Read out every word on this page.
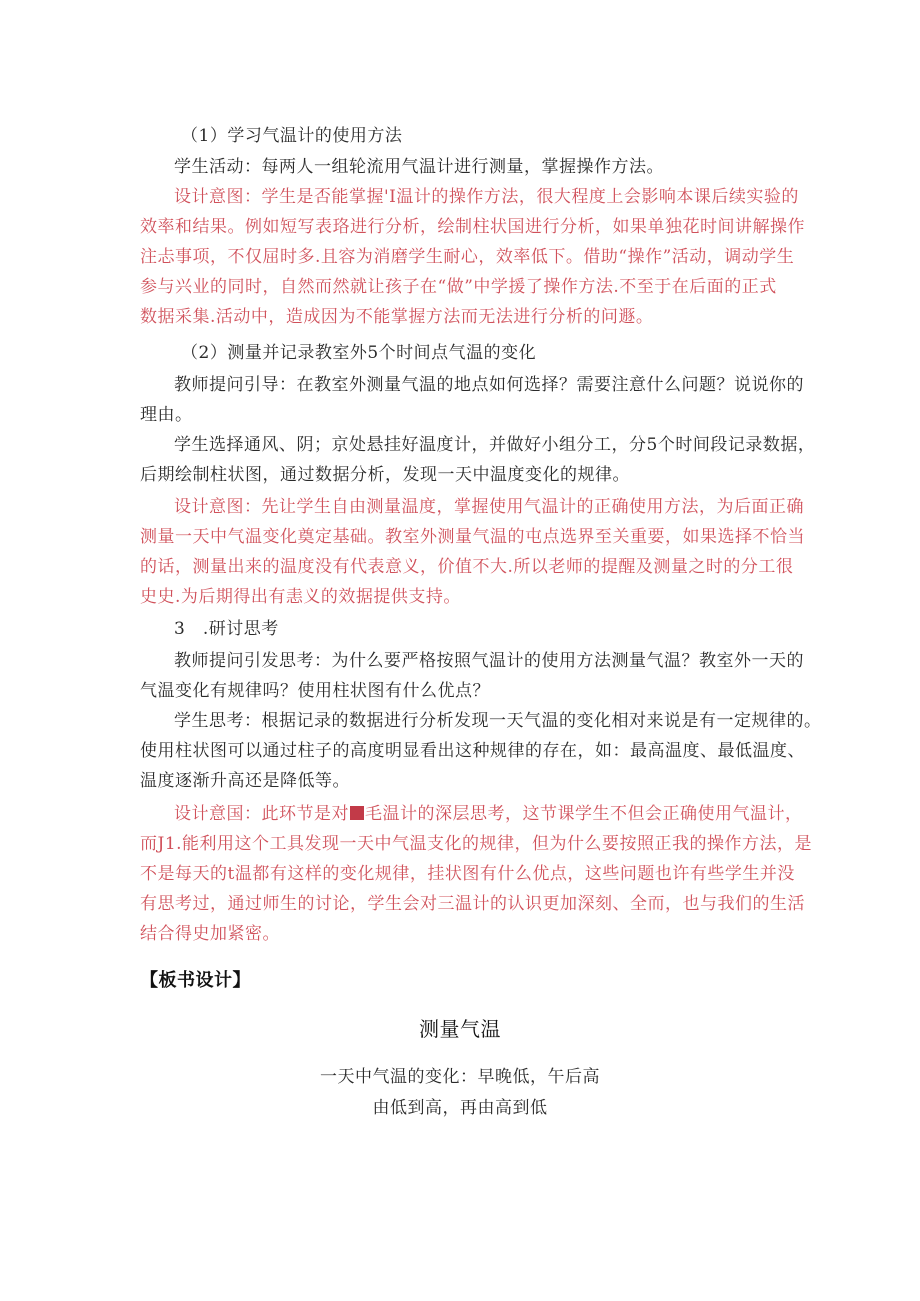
（1）学习气温计的使用方法
学生活动：每两人一组轮流用气温计进行测量，掌握操作方法。
设计意图：学生是否能掌握'I温计的操作方法，很大程度上会影响本课后续实验的
效率和结果。例如短写表珞进行分析，绘制柱状国进行分析，如果单独花时间讲解操作
注忐事项，不仅屈时多.且容为消磨学生耐心，效率低下。借助“操作”活动，调动学生
参与兴业的同时，自然而然就让孩子在“做”中学援了操作方法.不至于在后面的正式
数据采集.活动中，造成因为不能掌握方法而无法进行分析的问遯。
（2）测量并记录教室外5个时间点气温的变化
教师提问引导：在教室外测量气温的地点如何选择？需要注意什么问题？说说你的
理由。
学生选择通风、阴；京处悬挂好温度计，并做好小组分工，分5个时间段记录数据，
后期绘制柱状图，通过数据分析，发现一天中温度变化的规律。
设计意图：先让学生自由测量温度，掌握使用气温计的正确使用方法，为后面正确
测量一天中气温变化奠定基础。教室外测量气温的屯点选界至关重要，如果选择不恰当
的话，测量出来的温度没有代表意义，价值不大.所以老师的提醒及测量之时的分工很
史史.为后期得出有恚义的效据提供支持。
3　.研讨思考
教师提问引发思考：为什么要严格按照气温计的使用方法测量气温？教室外一天的
气温变化有规律吗？使用柱状图有什么优点？
学生思考：根据记录的数据进行分析发现一天气温的变化相对来说是有一定规律的。
使用柱状图可以通过柱子的高度明显看出这种规律的存在，如：最高温度、最低温度、
温度逐渐升高还是降低等。
设计意国：此环节是对 毛温计的深层思考，这节课学生不但会正确使用气温计，
而J1.能利用这个工具发现一天中气温支化的规律，但为什么要按照正我的操作方法，是
不是每天的t温都有这样的变化规律，挂状图有什么优点，这些问题也许有些学生并没
有思考过，通过师生的讨论，学生会对三温计的认识更加深刻、全而，也与我们的生活
结合得史加紧密。
【板书设计】
测量气温
一天中气温的变化：早晚低，午后高
由低到高，再由高到低
